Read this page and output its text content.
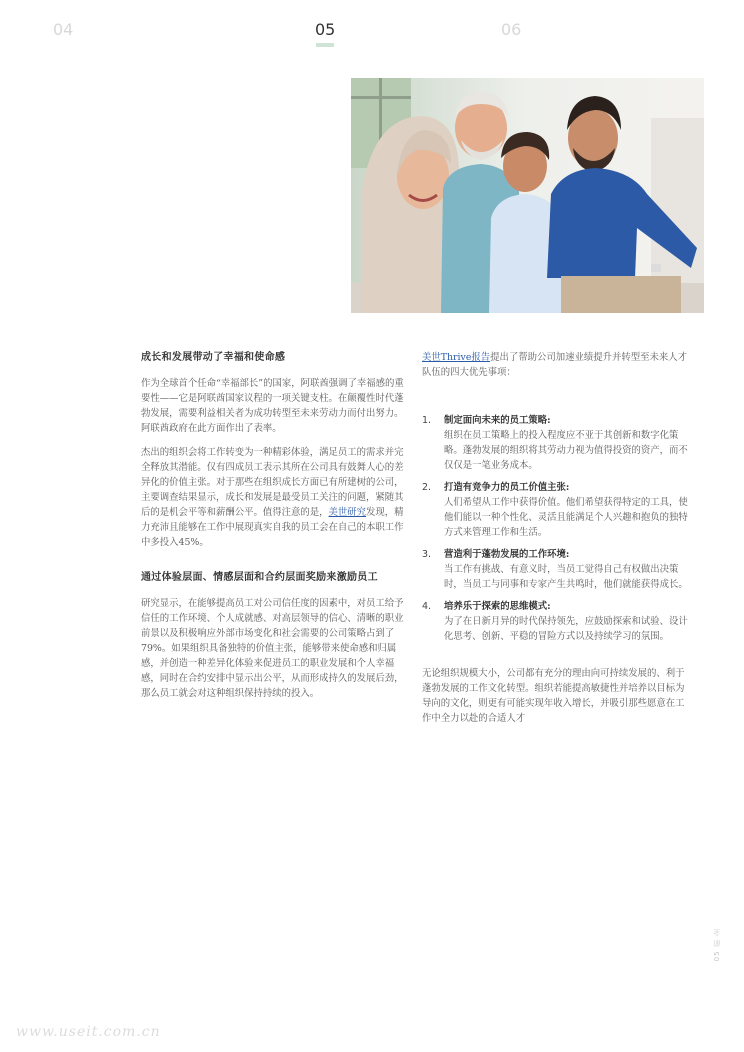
04	05	06
成长和发展带动了幸福和使命感

作为全球首个任命“幸福部长”的国家，阿联酋强调了幸福感的重要性——它是阿联酋国家议程的一项关键支柱。在颠覆性时代蓬勃发展，需要利益相关者为成功转型至未来劳动力而付出努力。阿联酋政府在此方面作出了表率。

杰出的组织会将工作转变为一种精彩体验，满足员工的需求并完全释放其潜能。仅有四成员工表示其所在公司具有鼓舞人心的差异化的价值主张。对于那些在组织成长方面已有所建树的公司，主要调查结果显示，成长和发展是最受员工关注的问题，紧随其后的是机会平等和薪酬公平。值得注意的是，美世研究发现，精力充沛且能够在工作中展现真实自我的员工会在自己的本职工作中多投入45%。

通过体验层面、情感层面和合约层面奖励来激励员工

研究显示，在能够提高员工对公司信任度的因素中，对员工给予信任的工作环境、个人成就感、对高层领导的信心、清晰的职业前景以及积极响应外部市场变化和社会需要的公司策略占到了79%。如果组织具备独特的价值主张，能够带来使命感和归属感，并创造一种差异化体验来促进员工的职业发展和个人幸福感，同时在合约安排中显示出公平，从而形成持久的发展后劲，那么员工就会对这种组织保持持续的投入。

美世Thrive报告提出了帮助公司加速业绩提升并转型至未来人才队伍的四大优先事项：

1. 制定面向未来的员工策略:
组织在员工策略上的投入程度应不亚于其创新和数字化策略。蓬勃发展的组织将其劳动力视为值得投资的资产，而不仅仅是一笔业务成本。
2. 打造有竞争力的员工价值主张:
人们希望从工作中获得价值。他们希望获得特定的工具，使他们能以一种个性化、灵活且能满足个人兴趣和抱负的独特方式来管理工作和生活。
3. 营造利于蓬勃发展的工作环境:
当工作有挑战、有意义时，当员工觉得自己有权做出决策时，当员工与同事和专家产生共鸣时，他们就能获得成长。
4. 培养乐于探索的思维模式:
为了在日新月异的时代保持领先，应鼓励探索和试验、设计化思考、创新、平稳的冒险方式以及持续学习的氛围。

无论组织规模大小，公司都有充分的理由向可持续发展的、利于蓬勃发展的工作文化转型。组织若能提高敏捷性并培养以目标为导向的文化，则更有可能实现年收入增长，并吸引那些愿意在工作中全力以赴的合适人才

05 前 全
www.useit.com.cn
